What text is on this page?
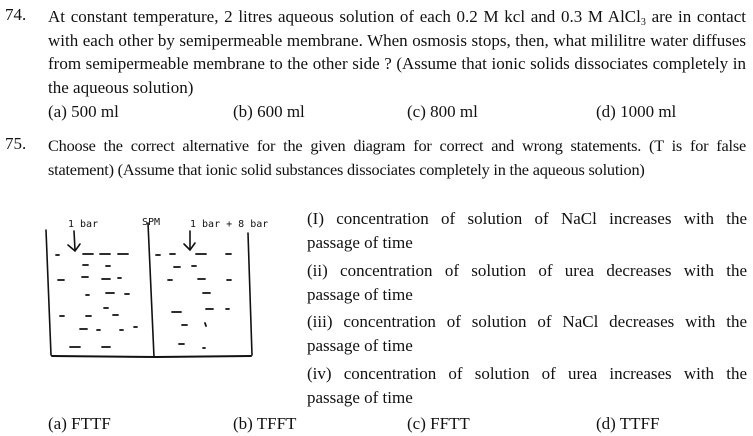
74. At constant temperature, 2 litres aqueous solution of each 0.2 M kcl and 0.3 M AlCl$_3$ are in contact with each other by semipermeable membrane. When osmosis stops, then, what mililitre water diffuses from semipermeable membrane to the other side ? (Assume that ionic solids dissociates completely in the aqueous solution)
(a) 500 ml	(b) 600 ml	(c) 800 ml	(d) 1000 ml
75. Choose the correct alternative for the given diagram for correct and wrong statements. (T is for false statement) (Assume that ionic solid substances dissociates completely in the aqueous solution)
1 bar	SPM	1 bar + 8 bar (I) concentration of solution of NaCl increases with the
passage of time
(ii) concentration of solution of urea decreases with the
passage of time
(iii) concentration of solution of NaCl decreases with the
passage of time
(iv) concentration of solution of urea increases with the
passage of time
(a) FTTF	(b) TFFT	(c) FFTT	(d) TTFF
